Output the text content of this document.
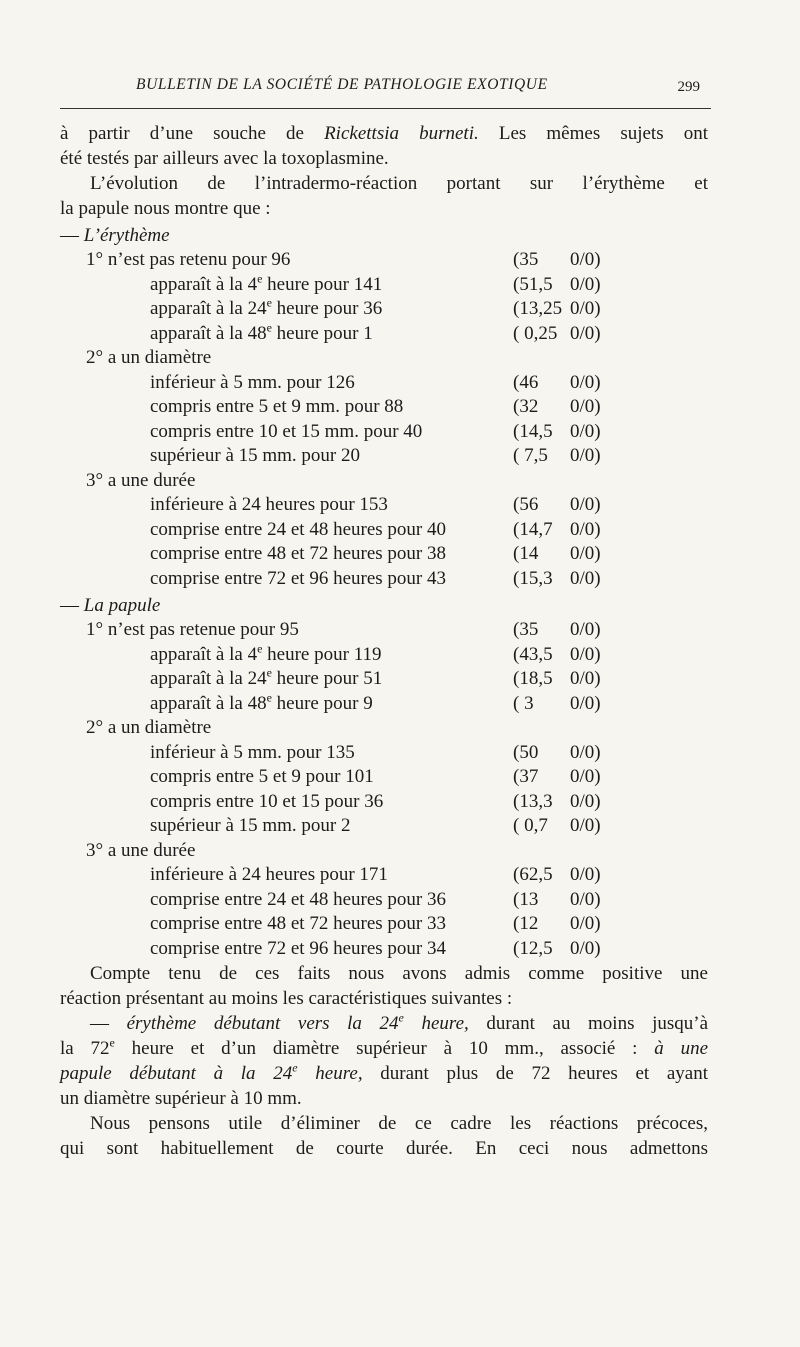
BULLETIN DE LA SOCIÉTÉ DE PATHOLOGIE EXOTIQUE	299

à partir d’une souche de Rickettsia burneti. Les mêmes sujets ont

été testés par ailleurs avec la toxoplasmine.

L’évolution de l’intradermo-réaction portant sur l’érythème et

la papule nous montre que :

— L’érythème
1° n’est pas retenu pour 96	(35 0/0)
apparaît à la 4e heure pour 141	(51,5 0/0)
apparaît à la 24e heure pour 36	(13,25 0/0)
apparaît à la 48e heure pour 1	( 0,25 0/0)
2° a un diamètre
inférieur à 5 mm. pour 126	(46 0/0)
compris entre 5 et 9 mm. pour 88	(32 0/0)
compris entre 10 et 15 mm. pour 40	(14,5 0/0)
supérieur à 15 mm. pour 20	( 7,5 0/0)
3° a une durée
inférieure à 24 heures pour 153	(56 0/0)
comprise entre 24 et 48 heures pour 40	(14,7 0/0)
comprise entre 48 et 72 heures pour 38	(14 0/0)
comprise entre 72 et 96 heures pour 43	(15,3 0/0)
— La papule
1° n’est pas retenue pour 95	(35 0/0)
apparaît à la 4e heure pour 119	(43,5 0/0)
apparaît à la 24e heure pour 51	(18,5 0/0)
apparaît à la 48e heure pour 9	( 3 0/0)
2° a un diamètre
inférieur à 5 mm. pour 135	(50 0/0)
compris entre 5 et 9 pour 101	(37 0/0)
compris entre 10 et 15 pour 36	(13,3 0/0)
supérieur à 15 mm. pour 2	( 0,7 0/0)
3° a une durée
inférieure à 24 heures pour 171	(62,5 0/0)
comprise entre 24 et 48 heures pour 36	(13 0/0)
comprise entre 48 et 72 heures pour 33	(12 0/0)
comprise entre 72 et 96 heures pour 34	(12,5 0/0)

Compte tenu de ces faits nous avons admis comme positive une

réaction présentant au moins les caractéristiques suivantes :

— érythème débutant vers la 24e heure, durant au moins jusqu’à

la 72e heure et d’un diamètre supérieur à 10 mm., associé : à une

papule débutant à la 24e heure, durant plus de 72 heures et ayant

un diamètre supérieur à 10 mm.

Nous pensons utile d’éliminer de ce cadre les réactions précoces,

qui sont habituellement de courte durée. En ceci nous admettons
